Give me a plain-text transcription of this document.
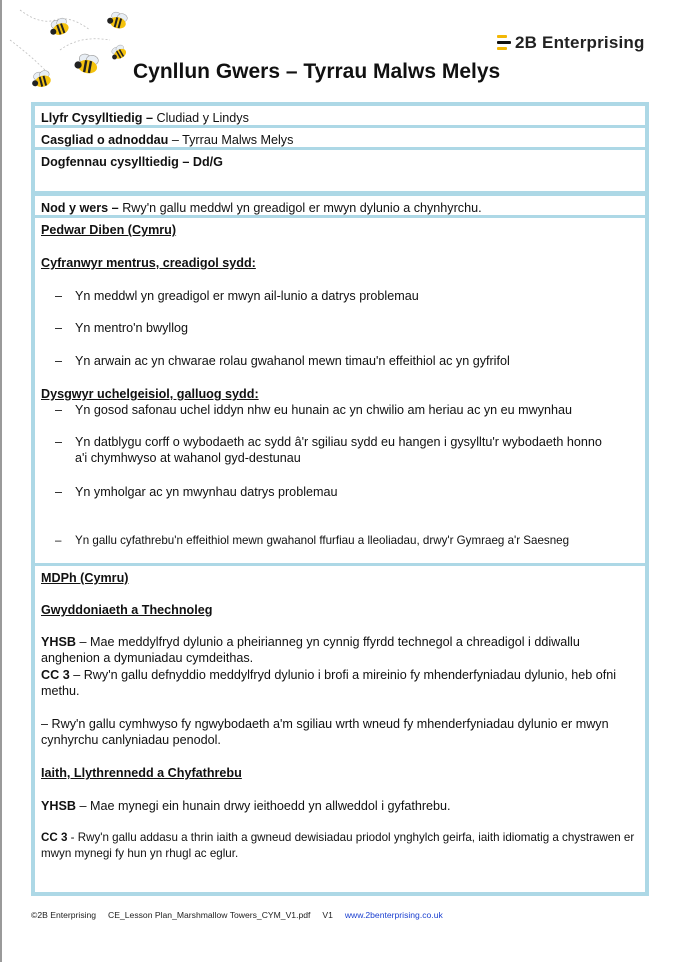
2B Enterprising
Cynllun Gwers – Tyrrau Malws Melys
Llyfr Cysylltiedig – Cludiad y Lindys
Casgliad o adnoddau – Tyrrau Malws Melys
Dogfennau cysylltiedig – Dd/G
Nod y wers – Rwy'n gallu meddwl yn greadigol er mwyn dylunio a chynhyrchu.
Pedwar Diben (Cymru)
Cyfranwyr mentrus, creadigol sydd:
– Yn meddwl yn greadigol er mwyn ail-lunio a datrys problemau
– Yn mentro'n bwyllog
– Yn arwain ac yn chwarae rolau gwahanol mewn timau'n effeithiol ac yn gyfrifol
Dysgwyr uchelgeisiol, galluog sydd:
– Yn gosod safonau uchel iddyn nhw eu hunain ac yn chwilio am heriau ac yn eu mwynhau
– Yn datblygu corff o wybodaeth ac sydd â'r sgiliau sydd eu hangen i gysylltu'r wybodaeth honno a'i chymhwyso at wahanol gyd-destunau
– Yn ymholgar ac yn mwynhau datrys problemau
– Yn gallu cyfathrebu'n effeithiol mewn gwahanol ffurfiau a lleoliadau, drwy'r Gymraeg a'r Saesneg
MDPh (Cymru)
Gwyddoniaeth a Thechnoleg
YHSB – Mae meddylfryd dylunio a pheirianneg yn cynnig ffyrdd technegol a chreadigol i ddiwallu anghenion a dymuniadau cymdeithas.
CC 3 – Rwy'n gallu defnyddio meddylfryd dylunio i brofi a mireinio fy mhenderfyniadau dylunio, heb ofni methu.
– Rwy'n gallu cymhwyso fy ngwybodaeth a'm sgiliau wrth wneud fy mhenderfyniadau dylunio er mwyn cynhyrchu canlyniadau penodol.
Iaith, Llythrennedd a Chyfathrebu
YHSB – Mae mynegi ein hunain drwy ieithoedd yn allweddol i gyfathrebu.
CC 3 - Rwy'n gallu addasu a thrin iaith a gwneud dewisiadau priodol ynghylch geirfa, iaith idiomatig a chystrawen er mwyn mynegi fy hun yn rhugl ac eglur.
©2B Enterprising CE_Lesson Plan_Marshmallow Towers_CYM_V1.pdf V1 www.2benterprising.co.uk
